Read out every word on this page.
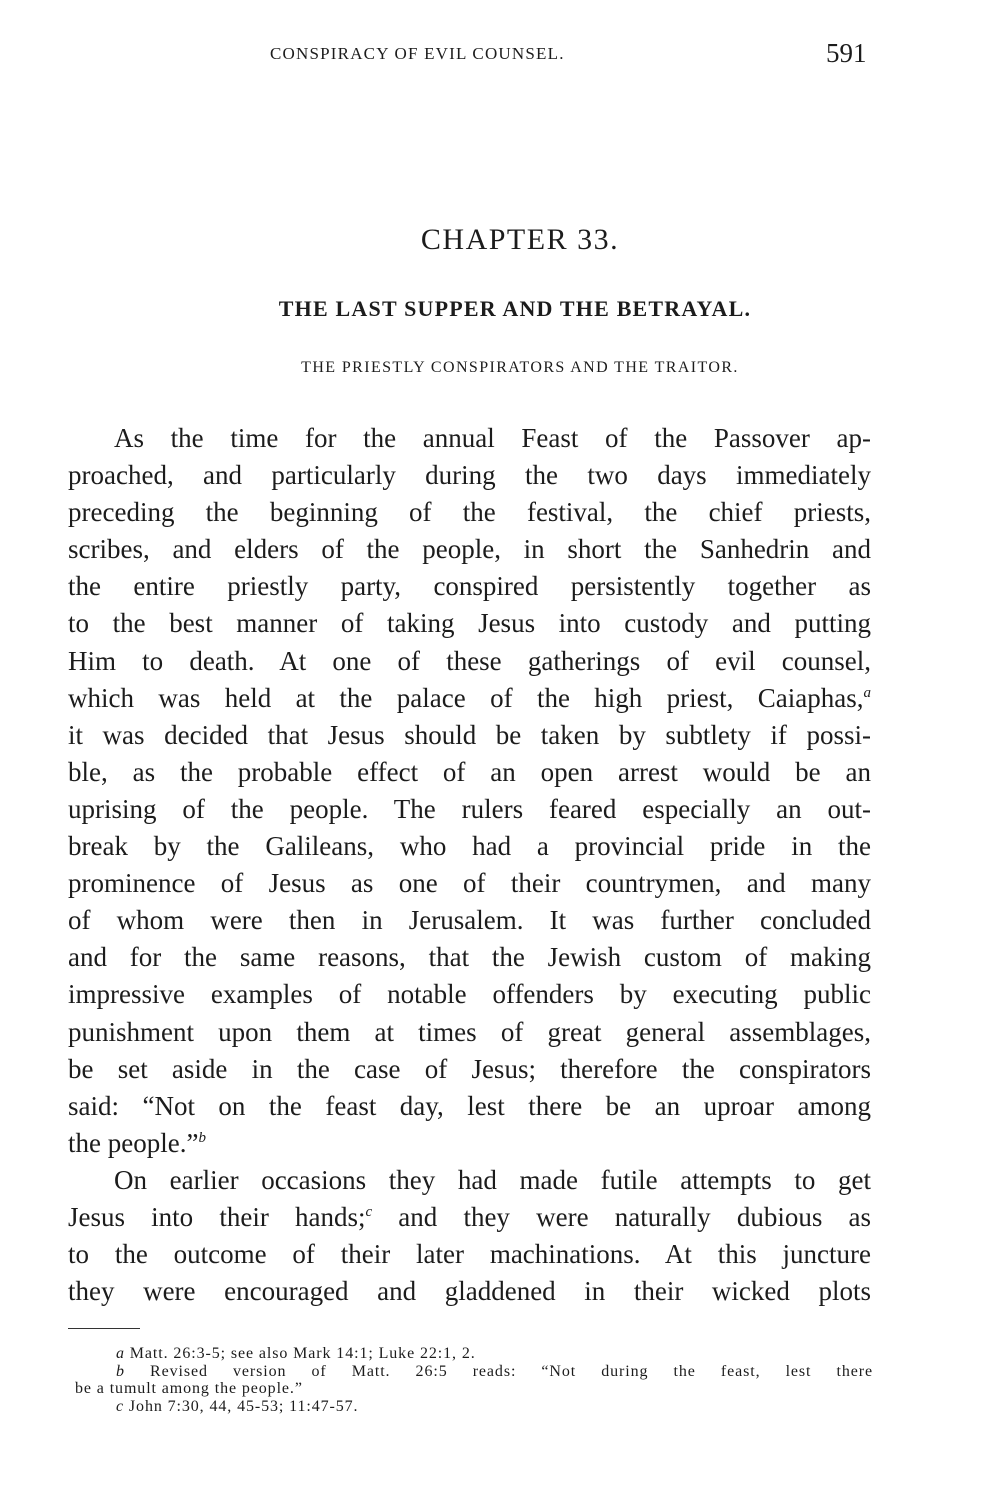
CONSPIRACY OF EVIL COUNSEL.	591
CHAPTER 33.
THE LAST SUPPER AND THE BETRAYAL.
THE PRIESTLY CONSPIRATORS AND THE TRAITOR.
As the time for the annual Feast of the Passover ap-
proached, and particularly during the two days immediately
preceding the beginning of the festival, the chief priests,
scribes, and elders of the people, in short the Sanhedrin and
the entire priestly party, conspired persistently together as
to the best manner of taking Jesus into custody and putting
Him to death. At one of these gatherings of evil counsel,
which was held at the palace of the high priest, Caiaphas,$^a$
it was decided that Jesus should be taken by subtlety if possi-
ble, as the probable effect of an open arrest would be an
uprising of the people. The rulers feared especially an out-
break by the Galileans, who had a provincial pride in the
prominence of Jesus as one of their countrymen, and many
of whom were then in Jerusalem. It was further concluded
and for the same reasons, that the Jewish custom of making
impressive examples of notable offenders by executing public
punishment upon them at times of great general assemblages,
be set aside in the case of Jesus; therefore the conspirators
said: “Not on the feast day, lest there be an uproar among
the people.”$^b$
On earlier occasions they had made futile attempts to get
Jesus into their hands;$^c$ and they were naturally dubious as
to the outcome of their later machinations. At this juncture
they were encouraged and gladdened in their wicked plots
a Matt. 26:3-5; see also Mark 14:1; Luke 22:1, 2.
b Revised version of Matt. 26:5 reads: “Not during the feast, lest there
be a tumult among the people.”
c John 7:30, 44, 45-53; 11:47-57.
